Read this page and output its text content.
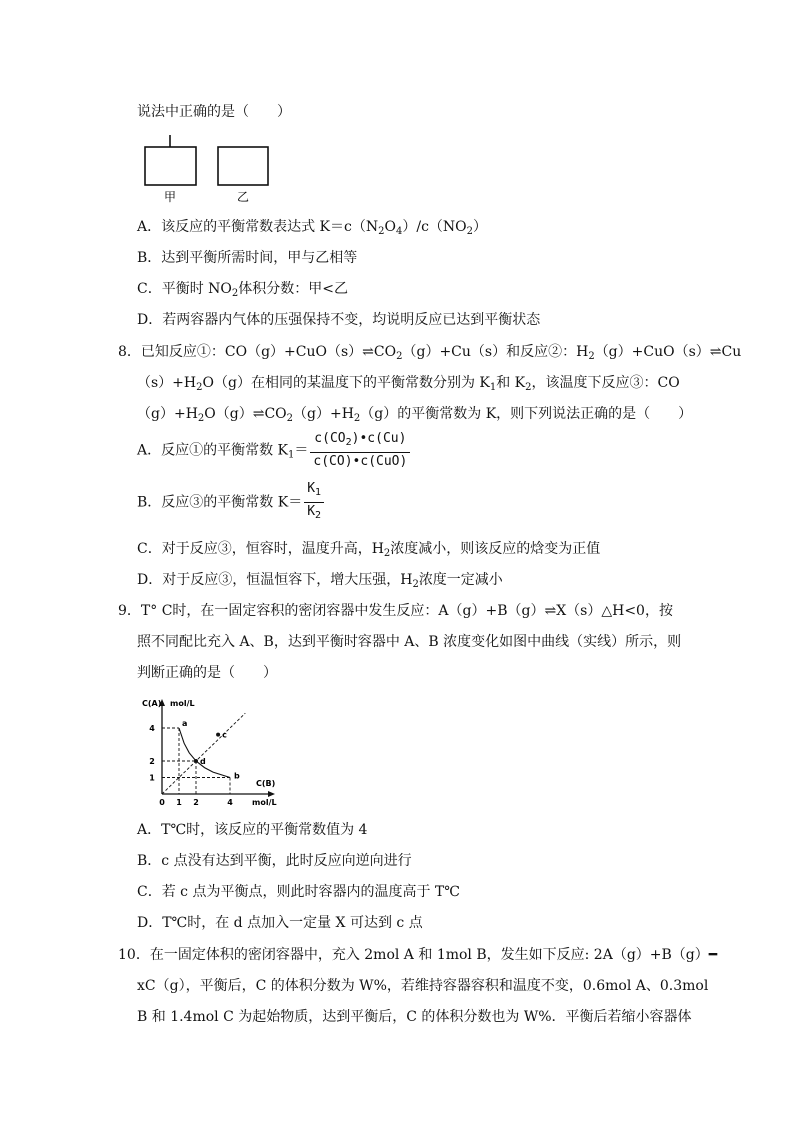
说法中正确的是（　　）
甲	乙
A．该反应的平衡常数表达式 $K=c(N_2O_4)/c(NO_2)$
B．达到平衡所需时间，甲与乙相等
C．平衡时 $NO_2$体积分数：甲<乙
D．若两容器内气体的压强保持不变，均说明反应已达到平衡状态
8．已知反应①：$CO(g)+CuO(s)\rightleftharpoons CO_2(g)+Cu(s)$和反应②：$H_2(g)+CuO(s)\rightleftharpoons Cu$
$(s)+H_2O(g)$在相同的某温度下的平衡常数分别为 $K_1$和 $K_2$，该温度下反应③：CO
$(g)+H_2O(g)\rightleftharpoons CO_2(g)+H_2(g)$的平衡常数为 K，则下列说法正确的是（　　）
A．反应①的平衡常数 $K_1= \frac{c(CO_2)•c(Cu)}{\text{c(CO)•c(CuO)}}$
B．反应③的平衡常数 $K= \frac{K_1}{K_2}$
C．对于反应③，恒容时，温度升高，$H_2$浓度减小，则该反应的焓变为正值
D．对于反应③，恒温恒容下，增大压强，$H_2$浓度一定减小
9．T° C时，在一固定容积的密闭容器中发生反应：A（g）+B（g）⇌X（s）△H<0，按
照不同配比充入 A、B，达到平衡时容器中 A、B 浓度变化如图中曲线（实线）所示，则
判断正确的是（　　）
C(A) mol/L
C(B)
mol/L
4
2
1
0 1 2	4
a
d
b
c
A．T℃时，该反应的平衡常数值为 4
B．c 点没有达到平衡，此时反应向逆向进行
C．若 c 点为平衡点，则此时容器内的温度高于 T℃
D．T℃时，在 d 点加入一定量 X 可达到 c 点
10．在一固定体积的密闭容器中，充入 2mol A 和 1mol B，发生如下反应: 2A（g）+B（g）━
xC（g），平衡后，C 的体积分数为 W%，若维持容器容积和温度不变，0.6mol A、0.3mol
B 和 1.4mol C 为起始物质，达到平衡后，C 的体积分数也为 W%．平衡后若缩小容器体
